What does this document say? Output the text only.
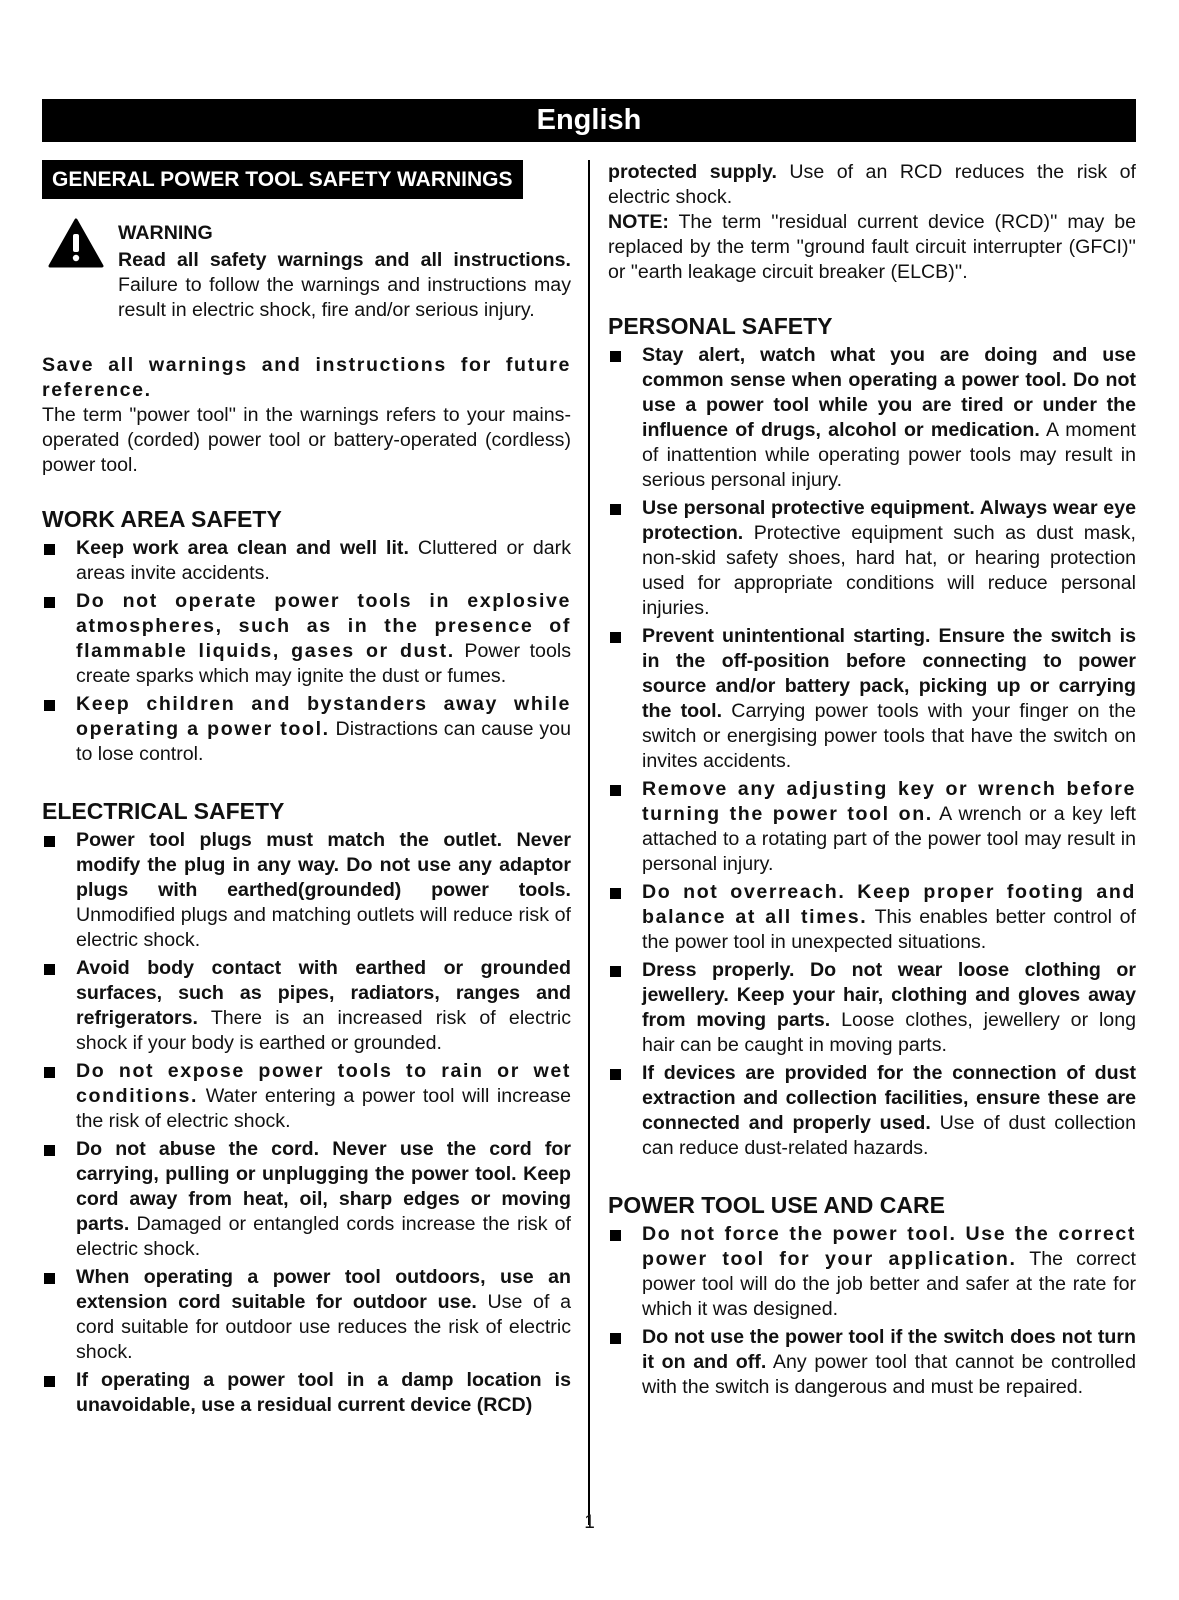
English
GENERAL POWER TOOL SAFETY WARNINGS
WARNING

Read all safety warnings and all instructions. Failure to follow the warnings and instructions may result in electric shock, fire and/or serious injury.

Save all warnings and instructions for future reference.

The term "power tool'' in the warnings refers to your mains-operated (corded) power tool or battery-operated (cordless) power tool.

WORK AREA SAFETY
Keep work area clean and well lit. Cluttered or dark areas invite accidents.
Do not operate power tools in explosive atmospheres, such as in the presence of flammable liquids, gases or dust. Power tools create sparks which may ignite the dust or fumes.
Keep children and bystanders away while operating a power tool. Distractions can cause you to lose control.
ELECTRICAL SAFETY
Power tool plugs must match the outlet. Never modify the plug in any way. Do not use any adaptor plugs with earthed(grounded) power tools. Unmodified plugs and matching outlets will reduce risk of electric shock.
Avoid body contact with earthed or grounded surfaces, such as pipes, radiators, ranges and refrigerators. There is an increased risk of electric shock if your body is earthed or grounded.
Do not expose power tools to rain or wet conditions. Water entering a power tool will increase the risk of electric shock.
Do not abuse the cord. Never use the cord for carrying, pulling or unplugging the power tool. Keep cord away from heat, oil, sharp edges or moving parts. Damaged or entangled cords increase the risk of electric shock.
When operating a power tool outdoors, use an extension cord suitable for outdoor use. Use of a cord suitable for outdoor use reduces the risk of electric shock.
If operating a power tool in a damp location is unavoidable, use a residual current device (RCD)

protected supply. Use of an RCD reduces the risk of electric shock.

NOTE: The term ''residual current device (RCD)'' may be replaced by the term ''ground fault circuit interrupter (GFCI)'' or "earth leakage circuit breaker (ELCB)''.

PERSONAL SAFETY
Stay alert, watch what you are doing and use common sense when operating a power tool. Do not use a power tool while you are tired or under the influence of drugs, alcohol or medication. A moment of inattention while operating power tools may result in serious personal injury.
Use personal protective equipment. Always wear eye protection. Protective equipment such as dust mask, non-skid safety shoes, hard hat, or hearing protection used for appropriate conditions will reduce personal injuries.
Prevent unintentional starting. Ensure the switch is in the off-position before connecting to power source and/or battery pack, picking up or carrying the tool. Carrying power tools with your finger on the switch or energising power tools that have the switch on invites accidents.
Remove any adjusting key or wrench before turning the power tool on. A wrench or a key left attached to a rotating part of the power tool may result in personal injury.
Do not overreach. Keep proper footing and balance at all times. This enables better control of the power tool in unexpected situations.
Dress properly. Do not wear loose clothing or jewellery. Keep your hair, clothing and gloves away from moving parts. Loose clothes, jewellery or long hair can be caught in moving parts.
If devices are provided for the connection of dust extraction and collection facilities, ensure these are connected and properly used. Use of dust collection can reduce dust-related hazards.
POWER TOOL USE AND CARE
Do not force the power tool. Use the correct power tool for your application. The correct power tool will do the job better and safer at the rate for which it was designed.
Do not use the power tool if the switch does not turn it on and off. Any power tool that cannot be controlled with the switch is dangerous and must be repaired.
1
